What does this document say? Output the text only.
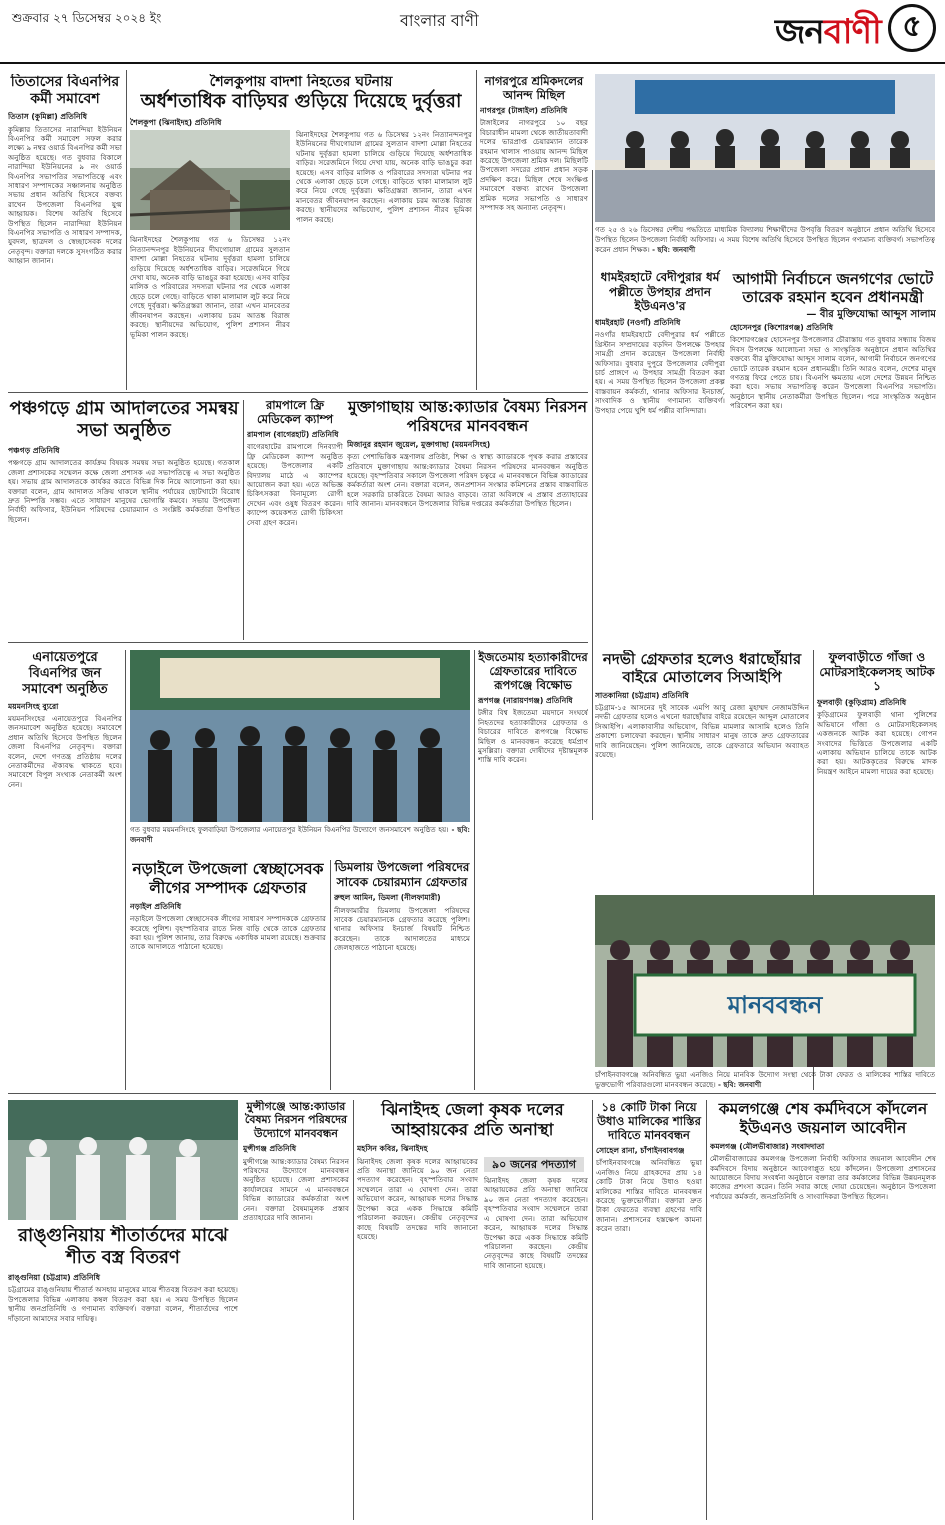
শুক্রবার ২৭ ডিসেম্বর ২০২৪ ইং	বাংলার বাণী	জনবাণী ৫
তিতাসের বিএনপির কর্মী সমাবেশ
তিতাস (কুমিল্লা) প্রতিনিধি
কুমিল্লার তিতাসের নারান্দিয়া ইউনিয়ন বিএনপির কর্মী সমাবেশ সফল করার লক্ষ্যে ৯ নম্বর ওয়ার্ড বিএনপির কর্মী সভা অনুষ্ঠিত হয়েছে। গত বুধবার বিকালে নারান্দিয়া ইউনিয়নের ৯ নং ওয়ার্ড বিএনপির সভাপতির সভাপতিত্বে এবং সাধারণ সম্পাদকের সঞ্চালনায় অনুষ্ঠিত সভায় প্রধান অতিথি হিসেবে বক্তব্য রাখেন উপজেলা বিএনপির যুগ্ম আহ্বায়ক। বিশেষ অতিথি হিসেবে উপস্থিত ছিলেন নারান্দিয়া ইউনিয়ন বিএনপির সভাপতি ও সাধারণ সম্পাদক, যুবদল, ছাত্রদল ও স্বেচ্ছাসেবক দলের নেতৃবৃন্দ। বক্তারা দলকে সুসংগঠিত করার আহ্বান জানান।
শৈলকুপায় বাদশা নিহতের ঘটনায়
অর্ধশতাধিক বাড়িঘর গুড়িয়ে দিয়েছে দুর্বৃত্তরা
শৈলকুপা (ঝিনাইদহ) প্রতিনিধি
ঝিনাইদহের শৈলকুপায় গত ৬ ডিসেম্বর ১২নং নিত্যানন্দনপুর ইউনিয়নের দীঘগোয়াল গ্রামের সুলতান বাদশা মোল্লা নিহতের ঘটনায় দুর্বৃত্তরা হামলা চালিয়ে গুড়িয়ে দিয়েছে অর্ধশতাধিক বাড়ির। সরেজমিনে গিয়ে দেখা যায়, অনেক বাড়ি ভাঙচুর করা হয়েছে। এসব বাড়ির মালিক ও পরিবারের সদস্যরা ঘটনার পর থেকে এলাকা ছেড়ে চলে গেছে। বাড়িতে থাকা মালামাল লুট করে নিয়ে গেছে দুর্বৃত্তরা। ক্ষতিগ্রস্তরা জানান, তারা এখন মানবেতর জীবনযাপন করছেন। এলাকায় চরম আতঙ্ক বিরাজ করছে। স্থানীয়দের অভিযোগ, পুলিশ প্রশাসন নীরব ভূমিকা পালন করছে।
ঝিনাইদহের শৈলকুপায় গত ৬ ডিসেম্বর ১২নং নিত্যানন্দনপুর ইউনিয়নের দীঘগোয়াল গ্রামের সুলতান বাদশা মোল্লা নিহতের ঘটনায় দুর্বৃত্তরা হামলা চালিয়ে গুড়িয়ে দিয়েছে অর্ধশতাধিক বাড়ির। সরেজমিনে গিয়ে দেখা যায়, অনেক বাড়ি ভাঙচুর করা হয়েছে। এসব বাড়ির মালিক ও পরিবারের সদস্যরা ঘটনার পর থেকে এলাকা ছেড়ে চলে গেছে। বাড়িতে থাকা মালামাল লুট করে নিয়ে গেছে দুর্বৃত্তরা। ক্ষতিগ্রস্তরা জানান, তারা এখন মানবেতর জীবনযাপন করছেন। এলাকায় চরম আতঙ্ক বিরাজ করছে। স্থানীয়দের অভিযোগ, পুলিশ প্রশাসন নীরব ভূমিকা পালন করছে।
নাগরপুরে শ্রমিকদলের আনন্দ মিছিল
নাগরপুর (টাঙ্গাইল) প্রতিনিধি
টাঙ্গাইলের নাগরপুরে ১০ বছর বিচারাধীন মামলা থেকে জাতীয়তাবাদী দলের ভারপ্রাপ্ত চেয়ারম্যান তারেক রহমান খালাস পাওয়ায় আনন্দ মিছিল করেছে উপজেলা শ্রমিক দল। মিছিলটি উপজেলা সদরের প্রধান প্রধান সড়ক প্রদক্ষিণ করে। মিছিল শেষে সংক্ষিপ্ত সমাবেশে বক্তব্য রাখেন উপজেলা শ্রমিক দলের সভাপতি ও সাধারণ সম্পাদক সহ অন্যান্য নেতৃবৃন্দ।
গত ২৫ ও ২৬ ডিসেম্বর দেশীয় পদ্ধতিতে মাধ্যমিক বিদ্যালয় শিক্ষার্থীদের উপবৃত্তি বিতরণ অনুষ্ঠানে প্রধান অতিথি হিসেবে উপস্থিত ছিলেন উপজেলা নির্বাহী অফিসার। এ সময় বিশেষ অতিথি হিসেবে উপস্থিত ছিলেন গণ্যমান্য ব্যক্তিবর্গ। সভাপতিত্ব করেন প্রধান শিক্ষক। - ছবি: জনবাণী
ধামইরহাটে বেদীপুরার ধর্ম পল্লীতে উপহার প্রদান ইউএনও'র
ধামইরহাট (নওগাঁ) প্রতিনিধি
নওগাঁর ধামইরহাটে বেদীপুরার ধর্ম পল্লীতে খ্রিস্টান সম্প্রদায়ের বড়দিন উপলক্ষে উপহার সামগ্রী প্রদান করেছেন উপজেলা নির্বাহী অফিসার। বুধবার দুপুরে উপজেলার বেদীপুরা চার্চ প্রাঙ্গণে এ উপহার সামগ্রী বিতরণ করা হয়। এ সময় উপস্থিত ছিলেন উপজেলা প্রকল্প বাস্তবায়ন কর্মকর্তা, থানার অফিসার ইনচার্জ, সাংবাদিক ও স্থানীয় গণ্যমান্য ব্যক্তিবর্গ। উপহার পেয়ে খুশি ধর্ম পল্লীর বাসিন্দারা।
আগামী নির্বাচনে জনগণের ভোটে তারেক রহমান হবেন প্রধানমন্ত্রী
— বীর মুক্তিযোদ্ধা আব্দুস সালাম
হোসেনপুর (কিশোরগঞ্জ) প্রতিনিধি
কিশোরগঞ্জের হোসেনপুর উপজেলার চৌরাস্তায় গত বুধবার সন্ধ্যায় বিজয় দিবস উপলক্ষে আলোচনা সভা ও সাংস্কৃতিক অনুষ্ঠানে প্রধান অতিথির বক্তব্যে বীর মুক্তিযোদ্ধা আব্দুস সালাম বলেন, আগামী নির্বাচনে জনগণের ভোটে তারেক রহমান হবেন প্রধানমন্ত্রী। তিনি আরও বলেন, দেশের মানুষ গণতন্ত্র ফিরে পেতে চায়। বিএনপি ক্ষমতায় এলে দেশের উন্নয়ন নিশ্চিত করা হবে। সভায় সভাপতিত্ব করেন উপজেলা বিএনপির সভাপতি। অনুষ্ঠানে স্থানীয় নেতাকর্মীরা উপস্থিত ছিলেন। পরে সাংস্কৃতিক অনুষ্ঠান পরিবেশন করা হয়।
পঞ্চগড়ে গ্রাম আদালতের সমন্বয় সভা অনুষ্ঠিত
পঞ্চগড় প্রতিনিধি
পঞ্চগড়ে গ্রাম আদালতের কার্যক্রম বিষয়ক সমন্বয় সভা অনুষ্ঠিত হয়েছে। গতকাল জেলা প্রশাসকের সম্মেলন কক্ষে জেলা প্রশাসক এর সভাপতিত্বে এ সভা অনুষ্ঠিত হয়। সভায় গ্রাম আদালতকে কার্যকর করতে বিভিন্ন দিক নিয়ে আলোচনা করা হয়। বক্তারা বলেন, গ্রাম আদালত সক্রিয় থাকলে স্থানীয় পর্যায়ের ছোটখাটো বিরোধ দ্রুত নিষ্পত্তি সম্ভব। এতে সাধারণ মানুষের ভোগান্তি কমবে। সভায় উপজেলা নির্বাহী অফিসার, ইউনিয়ন পরিষদের চেয়ারম্যান ও সংশ্লিষ্ট কর্মকর্তারা উপস্থিত ছিলেন।
রামপালে ফ্রি মেডিকেল ক্যাম্প
রামপাল (বাগেরহাট) প্রতিনিধি
বাগেরহাটের রামপালে দিনব্যাপী ফ্রি মেডিকেল ক্যাম্প অনুষ্ঠিত হয়েছে। উপজেলার একটি বিদ্যালয় মাঠে এ ক্যাম্পের আয়োজন করা হয়। এতে অভিজ্ঞ চিকিৎসকরা বিনামূল্যে রোগী দেখেন এবং ওষুধ বিতরণ করেন। ক্যাম্পে কয়েকশত রোগী চিকিৎসা সেবা গ্রহণ করেন।
মুক্তাগাছায় আন্ত:ক্যাডার বৈষম্য নিরসন পরিষদের মানববন্ধন
মিজানুর রহমান জুয়েল, মুক্তাগাছা (ময়মনসিংহ)
কৃত্য পেশাভিত্তিক মন্ত্রণালয় প্রতিষ্ঠা, শিক্ষা ও স্বাস্থ্য ক্যাডারকে পৃথক করার প্রস্তাবের প্রতিবাদে মুক্তাগাছায় আন্ত:ক্যাডার বৈষম্য নিরসন পরিষদের মানববন্ধন অনুষ্ঠিত হয়েছে। বৃহস্পতিবার সকালে উপজেলা পরিষদ চত্বরে এ মানববন্ধনে বিভিন্ন ক্যাডারের কর্মকর্তারা অংশ নেন। বক্তারা বলেন, জনপ্রশাসন সংস্কার কমিশনের প্রস্তাব বাস্তবায়িত হলে সরকারি চাকরিতে বৈষম্য আরও বাড়বে। তারা অবিলম্বে এ প্রস্তাব প্রত্যাহারের দাবি জানান। মানববন্ধনে উপজেলার বিভিন্ন দপ্তরের কর্মকর্তারা উপস্থিত ছিলেন।
নদভী গ্রেফতার হলেও ধরাছোঁয়ার বাইরে মোতালেব সিআইপি
সাতকানিয়া (চট্টগ্রাম) প্রতিনিধি
চট্টগ্রাম-১৫ আসনের দুই সাবেক এমপি আবু রেজা মুহাম্মদ নেজামউদ্দিন নদভী গ্রেফতার হলেও এখনো ধরাছোঁয়ার বাইরে রয়েছেন আব্দুল মোতালেব সিআইপি। এলাকাবাসীর অভিযোগ, বিভিন্ন মামলার আসামি হলেও তিনি প্রকাশ্যে চলাফেরা করছেন। স্থানীয় সাধারণ মানুষ তাকে দ্রুত গ্রেফতারের দাবি জানিয়েছেন। পুলিশ জানিয়েছে, তাকে গ্রেফতারে অভিযান অব্যাহত রয়েছে।
ফুলবাড়ীতে গাঁজা ও মোটরসাইকেলসহ আটক ১
ফুলবাড়ী (কুড়িগ্রাম) প্রতিনিধি
কুড়িগ্রামের ফুলবাড়ী থানা পুলিশের অভিযানে গাঁজা ও মোটরসাইকেলসহ একজনকে আটক করা হয়েছে। গোপন সংবাদের ভিত্তিতে উপজেলার একটি এলাকায় অভিযান চালিয়ে তাকে আটক করা হয়। আটককৃতের বিরুদ্ধে মাদক নিয়ন্ত্রণ আইনে মামলা দায়ের করা হয়েছে।
এনায়েতপুরে বিএনপির জন সমাবেশ অনুষ্ঠিত
ময়মনসিংহ ব্যুরো
ময়মনসিংহের এনায়েতপুরে বিএনপির জনসমাবেশ অনুষ্ঠিত হয়েছে। সমাবেশে প্রধান অতিথি হিসেবে উপস্থিত ছিলেন জেলা বিএনপির নেতৃবৃন্দ। বক্তারা বলেন, দেশে গণতন্ত্র প্রতিষ্ঠায় দলের নেতাকর্মীদের ঐক্যবদ্ধ থাকতে হবে। সমাবেশে বিপুল সংখ্যক নেতাকর্মী অংশ নেন।
গত বুধবার ময়মনসিংহে ফুলবাড়িয়া উপজেলার এনায়েতপুর ইউনিয়ন বিএনপির উদ্যোগে জনসমাবেশ অনুষ্ঠিত হয়। - ছবি: জনবাণী
ইজতেমায় হত্যাকারীদের গ্রেফতারের দাবিতে রূপগঞ্জে বিক্ষোভ
রূপগঞ্জ (নারায়ণগঞ্জ) প্রতিনিধি
টঙ্গীর বিশ্ব ইজতেমা ময়দানে সংঘর্ষে নিহতদের হত্যাকারীদের গ্রেফতার ও বিচারের দাবিতে রূপগঞ্জে বিক্ষোভ মিছিল ও মানববন্ধন করেছে ধর্মপ্রাণ মুসল্লিরা। বক্তারা দোষীদের দৃষ্টান্তমূলক শাস্তি দাবি করেন।
নড়াইলে উপজেলা স্বেচ্ছাসেবক লীগের সম্পাদক গ্রেফতার
নড়াইল প্রতিনিধি
নড়াইলে উপজেলা স্বেচ্ছাসেবক লীগের সাধারণ সম্পাদককে গ্রেফতার করেছে পুলিশ। বৃহস্পতিবার রাতে নিজ বাড়ি থেকে তাকে গ্রেফতার করা হয়। পুলিশ জানায়, তার বিরুদ্ধে একাধিক মামলা রয়েছে। শুক্রবার তাকে আদালতে পাঠানো হয়েছে।
ডিমলায় উপজেলা পরিষদের সাবেক চেয়ারম্যান গ্রেফতার
রুহুল আমিন, ডিমলা (নীলফামারী)
নীলফামারীর ডিমলায় উপজেলা পরিষদের সাবেক চেয়ারম্যানকে গ্রেফতার করেছে পুলিশ। থানার অফিসার ইনচার্জ বিষয়টি নিশ্চিত করেছেন। তাকে আদালতের মাধ্যমে জেলহাজতে পাঠানো হয়েছে।
মানববন্ধন
চাঁপাইনবাবগঞ্জে অনিবন্ধিত ভুয়া এনজিও নিয়ে মানবিক উদ্যোগ সংস্থা থেকে টাকা ফেরত ও মালিকের শাস্তির দাবিতে ভুক্তভোগী পরিবারগুলো মানববন্ধন করেছে। - ছবি: জনবাণী
মুন্সীগঞ্জে আন্ত:ক্যাডার বৈষম্য নিরসন পরিষদের উদ্যোগে মানববন্ধন
মুন্সীগঞ্জ প্রতিনিধি
মুন্সীগঞ্জে আন্ত:ক্যাডার বৈষম্য নিরসন পরিষদের উদ্যোগে মানববন্ধন অনুষ্ঠিত হয়েছে। জেলা প্রশাসকের কার্যালয়ের সামনে এ মানববন্ধনে বিভিন্ন ক্যাডারের কর্মকর্তারা অংশ নেন। বক্তারা বৈষম্যমূলক প্রস্তাব প্রত্যাহারের দাবি জানান।
রাঙ্গুনিয়ায় শীতার্তদের মাঝে শীত বস্ত্র বিতরণ
রাঙ্গুনিয়া (চট্টগ্রাম) প্রতিনিধি
চট্টগ্রামের রাঙ্গুনিয়ায় শীতার্ত অসহায় মানুষের মাঝে শীতবস্ত্র বিতরণ করা হয়েছে। উপজেলার বিভিন্ন এলাকায় কম্বল বিতরণ করা হয়। এ সময় উপস্থিত ছিলেন স্থানীয় জনপ্রতিনিধি ও গণ্যমান্য ব্যক্তিবর্গ। বক্তারা বলেন, শীতার্তদের পাশে দাঁড়ানো আমাদের সবার দায়িত্ব।
ঝিনাইদহ জেলা কৃষক দলের আহ্বায়কের প্রতি অনাস্থা
মহসিন কবির, ঝিনাইদহ
ঝিনাইদহ জেলা কৃষক দলের আহ্বায়কের প্রতি অনাস্থা জানিয়ে ৯০ জন নেতা পদত্যাগ করেছেন। বৃহস্পতিবার সংবাদ সম্মেলনে তারা এ ঘোষণা দেন। তারা অভিযোগ করেন, আহ্বায়ক দলের সিদ্ধান্ত উপেক্ষা করে একক সিদ্ধান্তে কমিটি পরিচালনা করছেন। কেন্দ্রীয় নেতৃবৃন্দের কাছে বিষয়টি তদন্তের দাবি জানানো হয়েছে।
৯০ জনের পদত্যাগ
ঝিনাইদহ জেলা কৃষক দলের আহ্বায়কের প্রতি অনাস্থা জানিয়ে ৯০ জন নেতা পদত্যাগ করেছেন। বৃহস্পতিবার সংবাদ সম্মেলনে তারা এ ঘোষণা দেন। তারা অভিযোগ করেন, আহ্বায়ক দলের সিদ্ধান্ত উপেক্ষা করে একক সিদ্ধান্তে কমিটি পরিচালনা করছেন। কেন্দ্রীয় নেতৃবৃন্দের কাছে বিষয়টি তদন্তের দাবি জানানো হয়েছে।
১৪ কোটি টাকা নিয়ে উধাও মালিকের শাস্তির দাবিতে মানববন্ধন
সোহেল রানা, চাঁপাইনবাবগঞ্জ
চাঁপাইনবাবগঞ্জে অনিবন্ধিত ভুয়া এনজিও নিয়ে গ্রাহকদের প্রায় ১৪ কোটি টাকা নিয়ে উধাও হওয়া মালিকের শাস্তির দাবিতে মানববন্ধন করেছে ভুক্তভোগীরা। বক্তারা দ্রুত টাকা ফেরতের ব্যবস্থা গ্রহণের দাবি জানান। প্রশাসনের হস্তক্ষেপ কামনা করেন তারা।
কমলগঞ্জে শেষ কর্মদিবসে কাঁদলেন ইউএনও জয়নাল আবেদীন
কমলগঞ্জ (মৌলভীবাজার) সংবাদদাতা
মৌলভীবাজারের কমলগঞ্জ উপজেলা নির্বাহী অফিসার জয়নাল আবেদীন শেষ কর্মদিবসে বিদায় অনুষ্ঠানে আবেগাপ্লুত হয়ে কাঁদলেন। উপজেলা প্রশাসনের আয়োজনে বিদায় সংবর্ধনা অনুষ্ঠানে বক্তারা তার কর্মকালের বিভিন্ন উন্নয়নমূলক কাজের প্রশংসা করেন। তিনি সবার কাছে দোয়া চেয়েছেন। অনুষ্ঠানে উপজেলা পর্যায়ের কর্মকর্তা, জনপ্রতিনিধি ও সাংবাদিকরা উপস্থিত ছিলেন।
